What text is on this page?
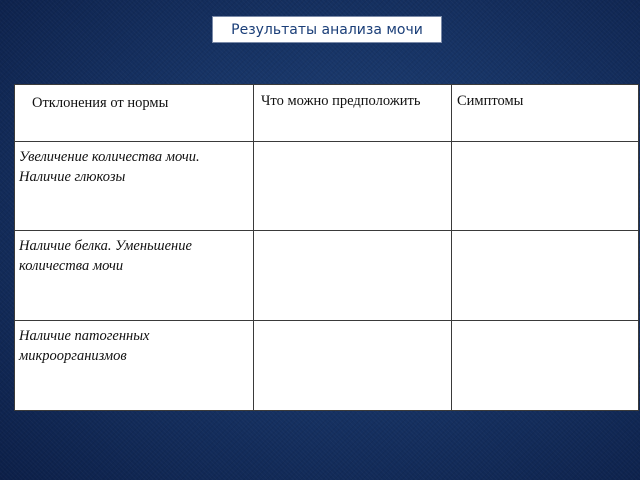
Результаты анализа мочи
Отклонения от нормы	Что можно предположить	Симптомы
Увеличение количества мочи. Наличие глюкозы		
Наличие белка. Уменьшение количества мочи		
Наличие патогенных микроорганизмов		
